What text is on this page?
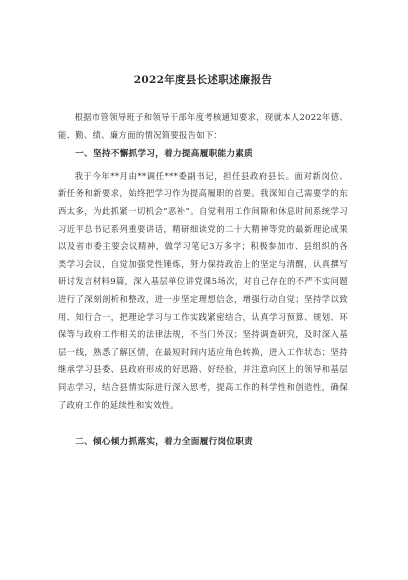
2022年度县长述职述廉报告

根据市管领导班子和领导干部年度考核通知要求，现就本人2022年德、能、勤、绩、廉方面的情况简要报告如下：

一、坚持不懈抓学习，着力提高履职能力素质

我于今年**月由**调任***委副书记，担任县政府县长。面对新岗位、新任务和新要求，始终把学习作为提高履职的首要。我深知自己需要学的东西太多，为此抓紧一切机会“恶补”。自觉利用工作间隙和休息时间系统学习习近平总书记系列重要讲话，精研细读党的二十大精神等党的最新理论成果以及省市委主要会议精神，做学习笔记3万多字；积极参加市、县组织的各类学习会议，自觉加强党性锤炼，努力保持政治上的坚定与清醒，认真撰写研讨发言材料9篇，深入基层单位讲党课5场次，对自己存在的不严不实问题进行了深刻剖析和整改，进一步坚定理想信念，增强行动自觉；坚持学以致用、知行合一，把理论学习与工作实践紧密结合，认真学习预算、规划、环保等与政府工作相关的法律法规，不当门外汉；坚持调查研究，及时深入基层一线，熟悉了解区情，在最短时间内适应角色转换，进入工作状态；坚持继承学习县委、县政府形成的好思路、好经验，并注意向区上的领导和基层同志学习，结合县情实际进行深入思考，提高工作的科学性和创造性，确保了政府工作的延续性和实效性。

二、倾心倾力抓落实，着力全面履行岗位职责
